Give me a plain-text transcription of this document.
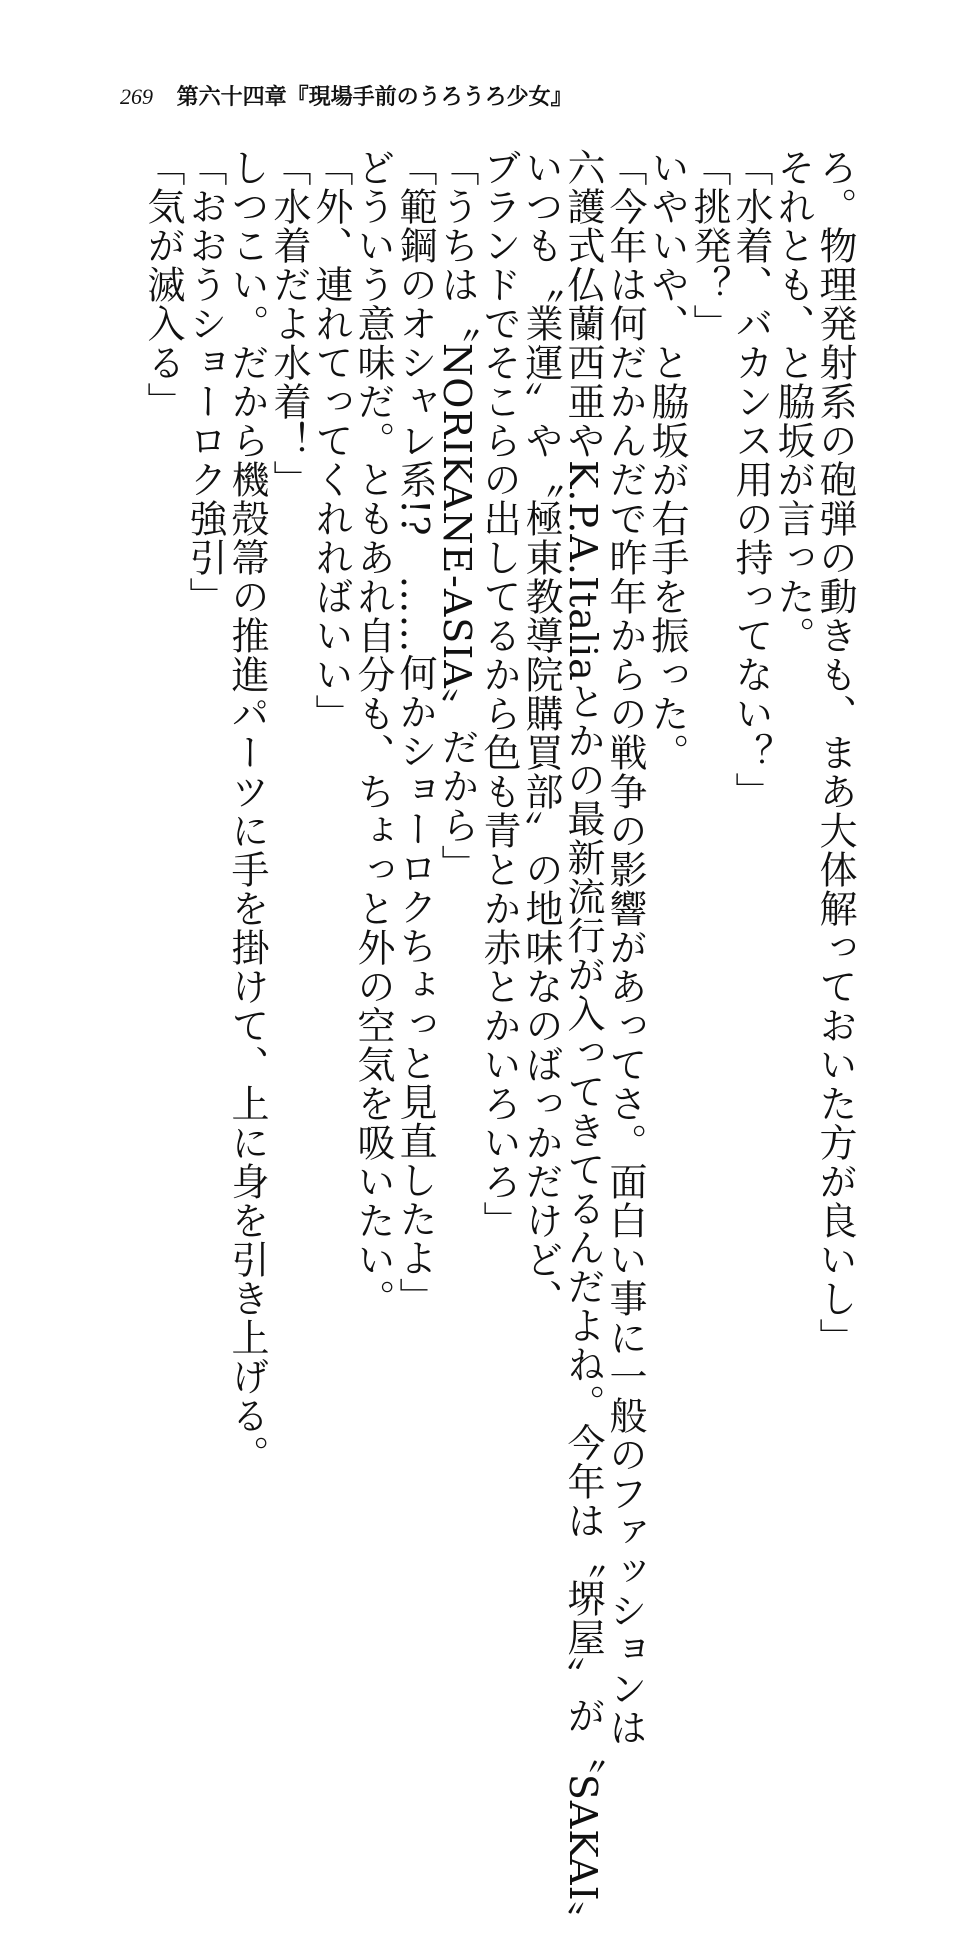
269 第六十四章『現場手前のうろうろ少女』
ろ。物理発射系の砲弾の動きも、まあ大体解っておいた方が良いし」
それとも、と脇坂が言った。
「水着、バカンス用の持ってない？」
「挑発？」
いやいや、と脇坂が右手を振った。
「今年は何だかんだで昨年からの戦争の影響があってさ。面白い事に一般のファッションは
六護式仏蘭西亜やK.P.A.Italiaとかの最新流行が入ってきてるんだよね。今年は〝堺屋〟が〝SAKAI〟
いつも〝業運〟や〝極東教導院購買部〟の地味なのばっかだけど、
ブランドでそこらの出してるから色も青とか赤とかいろいろ」
「うちは〝NORIKANE-ASIA〟だから」
「範鋼のオシャレ系!?　……何かショーロクちょっと見直したよ」
どういう意味だ。ともあれ自分も、ちょっと外の空気を吸いたい。
「外、連れてってくれればいい」
「水着だよ水着！」
しつこい。だから機殻箒の推進パーツに手を掛けて、上に身を引き上げる。
「おおうショーロク強引」
「気が滅入る」
